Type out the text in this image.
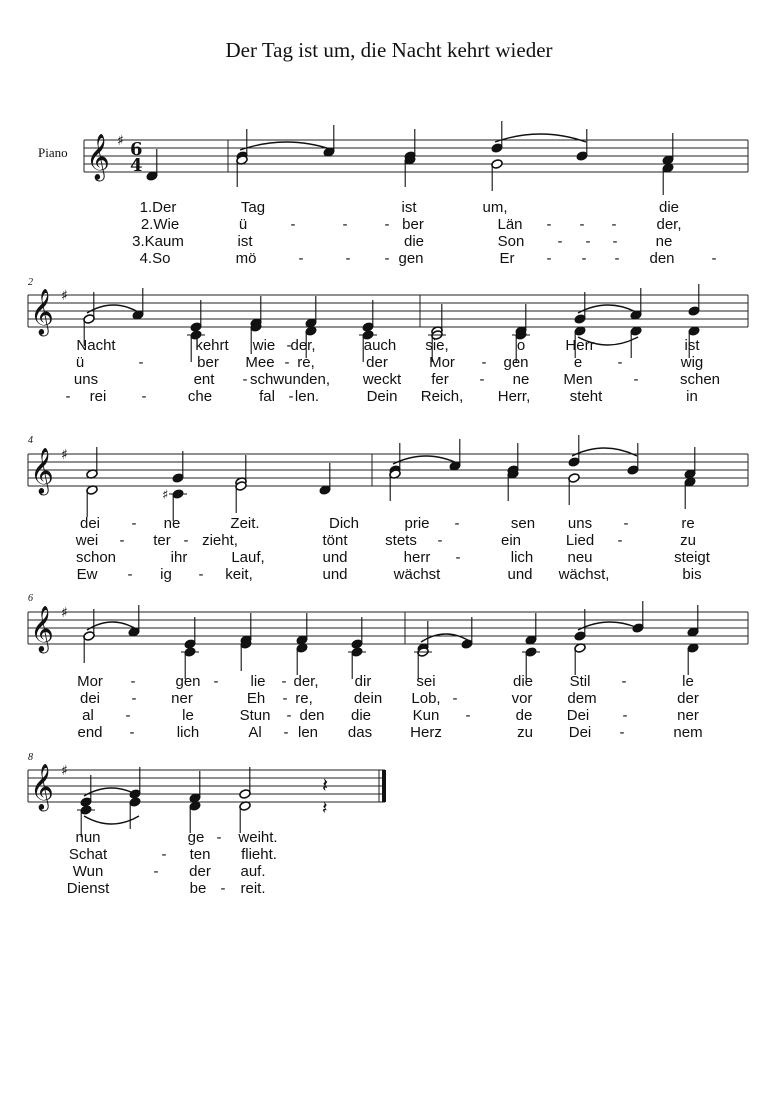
Der Tag ist um, die Nacht kehrt wieder
Piano
2
4
6
8
𝄞 ♯ 6
4
𝄞 ♯
𝄞 ♯
𝄞 ♯
𝄞 ♯
♯
𝄽
𝄽
1.Der	Tag	ist	um,	die
2.Wie	ü	-	- - ber	Län - - -	der,
3.Kaum	ist	die	Son - - -	ne
4.So	mö	-	- - gen	Er - - - den -
Nacht	kehrt wie -
der,	auch sie,	o	Herr	ist
ü	-	ber Mee - re,	der	Mor - gen	e -	wig
uns	ent - schwunden, weckt fer - ne Men	-	schen
- rei -	che	fal - len.	Dein Reich, Herr,	steht	in
dei - ne	Zeit.	Dich	prie -	sen uns -	re
wei - ter - zieht,	tönt	stets -	ein	Lied -	zu
schon	ihr	Lauf,	und	herr -	lich neu	steigt
Ew - ig - keit,	und	wächst	und wächst,	bis
Mor -	gen - lie - der, dir	sei	die Stil -	le
dei - ner	Eh - re,	dein Lob, -	vor dem	der
al -	le	Stun - den die	Kun -	de Dei -	ner
end -	lich	Al - len das	Herz	zu Dei -	nem
nun	ge - weiht.
Schat	- ten flieht.
Wun	- der auf.
Dienst	be - reit.
